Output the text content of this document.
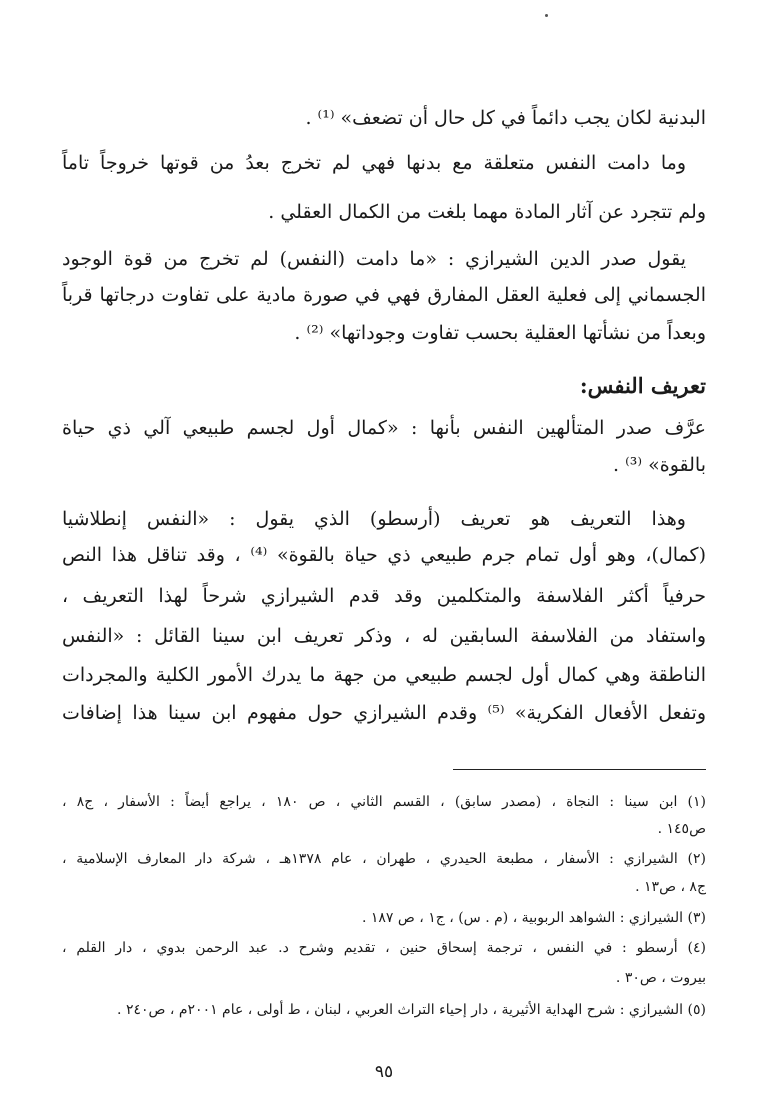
البدنية لكان يجب دائماً في كل حال أن تضعف» ⁽¹⁾ .
وما دامت النفس متعلقة مع بدنها فهي لم تخرج بعدُ من قوتها خروجاً تاماً
ولم تتجرد عن آثار المادة مهما بلغت من الكمال العقلي .
يقول صدر الدين الشيرازي : «ما دامت (النفس) لم تخرج من قوة الوجود
الجسماني إلى فعلية العقل المفارق فهي في صورة مادية على تفاوت درجاتها قرباً
وبعداً من نشأتها العقلية بحسب تفاوت وجوداتها» ⁽²⁾ .
تعريف النفس:
عرَّف صدر المتألهين النفس بأنها : «كمال أول لجسم طبيعي آلي ذي حياة
بالقوة» ⁽³⁾ .
وهذا التعريف هو تعريف (أرسطو) الذي يقول : «النفس إنطلاشيا
(كمال)، وهو أول تمام جرم طبيعي ذي حياة بالقوة» ⁽⁴⁾ ، وقد تناقل هذا النص
حرفياً أكثر الفلاسفة والمتكلمين وقد قدم الشيرازي شرحاً لهذا التعريف ،
واستفاد من الفلاسفة السابقين له ، وذكر تعريف ابن سينا القائل : «النفس
الناطقة وهي كمال أول لجسم طبيعي من جهة ما يدرك الأمور الكلية والمجردات
وتفعل الأفعال الفكرية» ⁽⁵⁾ وقدم الشيرازي حول مفهوم ابن سينا هذا إضافات
(١) ابن سينا : النجاة ، (مصدر سابق) ، القسم الثاني ، ص ١٨٠ ، يراجع أيضاً : الأسفار ، ج٨ ،
ص١٤٥ .
(٢) الشيرازي : الأسفار ، مطبعة الحيدري ، طهران ، عام ١٣٧٨هـ ، شركة دار المعارف الإسلامية ،
ج٨ ، ص١٣ .
(٣) الشيرازي : الشواهد الربوبية ، (م . س) ، ج١ ، ص ١٨٧ .
(٤) أرسطو : في النفس ، ترجمة إسحاق حنين ، تقديم وشرح د. عبد الرحمن بدوي ، دار القلم ،
بيروت ، ص٣٠ .
(٥) الشيرازي : شرح الهداية الأثيرية ، دار إحياء التراث العربي ، لبنان ، ط أولى ، عام ٢٠٠١م ، ص٢٤٠ .
٩٥
